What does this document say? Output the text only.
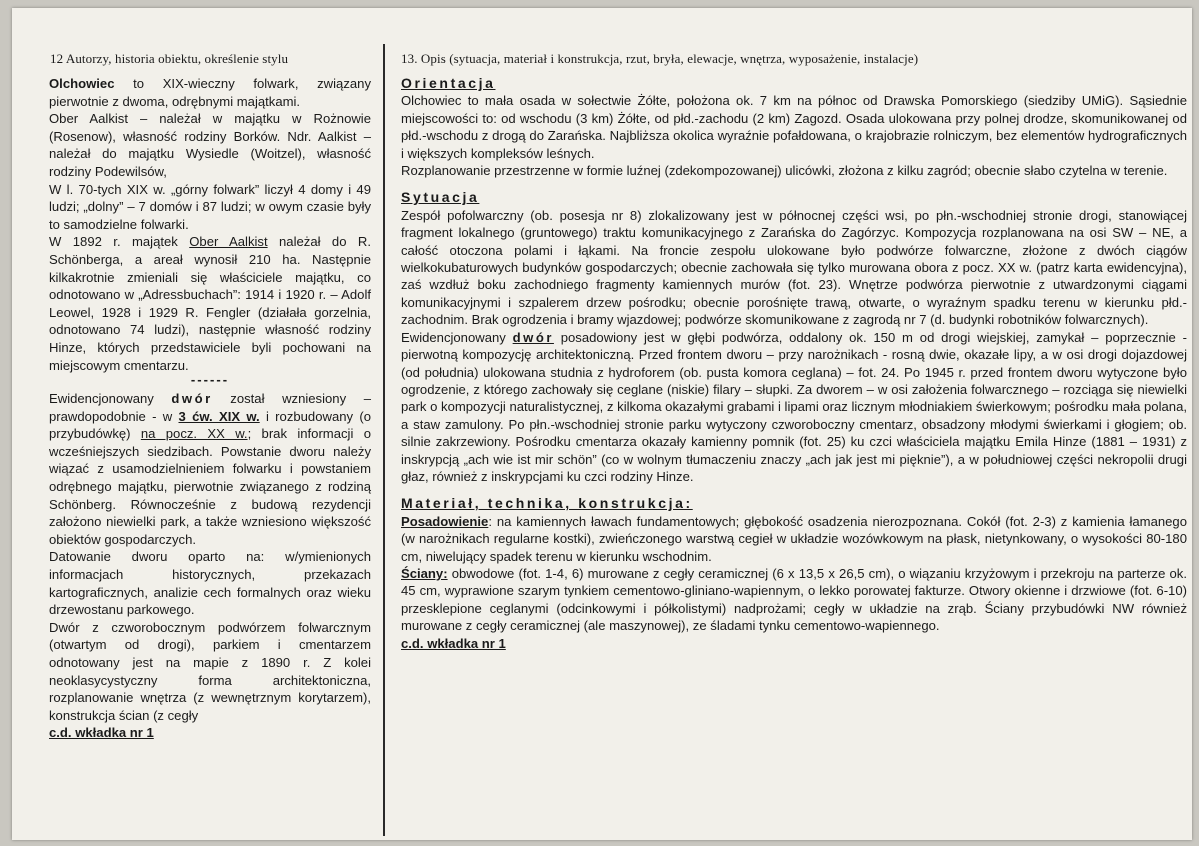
12 Autorzy, historia obiektu, określenie stylu	13. Opis (sytuacja, materiał i konstrukcja, rzut, bryła, elewacje, wnętrza, wyposażenie, instalacje)

Olchowiec to XIX-wieczny folwark, związany pierwotnie z dwoma, odrębnymi majątkami.

Ober Aalkist – należał w majątku w Rożnowie (Rosenow), własność rodziny Borków. Ndr. Aalkist – należał do majątku Wysiedle (Woitzel), własność rodziny Podewilsów,

W l. 70-tych XIX w. „górny folwark” liczył 4 domy i 49 ludzi; „dolny” – 7 domów i 87 ludzi; w owym czasie były to samodzielne folwarki.

W 1892 r. majątek Ober Aalkist należał do R. Schönberga, a areał wynosił 210 ha. Następnie kilkakrotnie zmieniali się właściciele majątku, co odnotowano w „Adressbuchach”: 1914 i 1920 r. – Adolf Leowel, 1928 i 1929 R. Fengler (działała gorzelnia, odnotowano 74 ludzi), następnie własność rodziny Hinze, których przedstawiciele byli pochowani na miejscowym cmentarzu.

------

Ewidencjonowany dwór został wzniesiony – prawdopodobnie - w 3 ćw. XIX w. i rozbudowany (o przybudówkę) na pocz. XX w.; brak informacji o wcześniejszych siedzibach. Powstanie dworu należy wiązać z usamodzielnieniem folwarku i powstaniem odrębnego majątku, pierwotnie związanego z rodziną Schönberg. Równocześnie z budową rezydencji założono niewielki park, a także wzniesiono większość obiektów gospodarczych.

Datowanie dworu oparto na: w/ymienionych informacjach historycznych, przekazach kartograficznych, analizie cech formalnych oraz wieku drzewostanu parkowego.

Dwór z czworobocznym podwórzem folwarcznym (otwartym od drogi), parkiem i cmentarzem odnotowany jest na mapie z 1890 r. Z kolei neoklasycystyczny forma architektoniczna, rozplanowanie wnętrza (z wewnętrznym korytarzem), konstrukcja ścian (z cegły

c.d. wkładka nr 1

Orientacja

Olchowiec to mała osada w sołectwie Żółte, położona ok. 7 km na północ od Drawska Pomorskiego (siedziby UMiG). Sąsiednie miejscowości to: od wschodu (3 km) Żółte, od płd.-zachodu (2 km) Zagozd. Osada ulokowana przy polnej drodze, skomunikowanej od płd.-wschodu z drogą do Zarańska. Najbliższa okolica wyraźnie pofałdowana, o krajobrazie rolniczym, bez elementów hydrograficznych i większych kompleksów leśnych.

Rozplanowanie przestrzenne w formie luźnej (zdekompozowanej) ulicówki, złożona z kilku zagród; obecnie słabo czytelna w terenie.

Sytuacja

Zespół pofolwarczny (ob. posesja nr 8) zlokalizowany jest w północnej części wsi, po płn.-wschodniej stronie drogi, stanowiącej fragment lokalnego (gruntowego) traktu komunikacyjnego z Zarańska do Zagórzyc. Kompozycja rozplanowana na osi SW – NE, a całość otoczona polami i łąkami. Na froncie zespołu ulokowane było podwórze folwarczne, złożone z dwóch ciągów wielkokubaturowych budynków gospodarczych; obecnie zachowała się tylko murowana obora z pocz. XX w. (patrz karta ewidencyjna), zaś wzdłuż boku zachodniego fragmenty kamiennych murów (fot. 23). Wnętrze podwórza pierwotnie z utwardzonymi ciągami komunikacyjnymi i szpalerem drzew pośrodku; obecnie porośnięte trawą, otwarte, o wyraźnym spadku terenu w kierunku płd.-zachodnim. Brak ogrodzenia i bramy wjazdowej; podwórze skomunikowane z zagrodą nr 7 (d. budynki robotników folwarcznych).

Ewidencjonowany dwór posadowiony jest w głębi podwórza, oddalony ok. 150 m od drogi wiejskiej, zamykał – poprzecznie - pierwotną kompozycję architektoniczną. Przed frontem dworu – przy narożnikach - rosną dwie, okazałe lipy, a w osi drogi dojazdowej (od południa) ulokowana studnia z hydroforem (ob. pusta komora ceglana) – fot. 24. Po 1945 r. przed frontem dworu wytyczone było ogrodzenie, z którego zachowały się ceglane (niskie) filary – słupki. Za dworem – w osi założenia folwarcznego – rozciąga się niewielki park o kompozycji naturalistycznej, z kilkoma okazałymi grabami i lipami oraz licznym młodniakiem świerkowym; pośrodku mała polana, a staw zamulony. Po płn.-wschodniej stronie parku wytyczony czworoboczny cmentarz, obsadzony młodymi świerkami i głogiem; ob. silnie zakrzewiony. Pośrodku cmentarza okazały kamienny pomnik (fot. 25) ku czci właściciela majątku Emila Hinze (1881 – 1931) z inskrypcją „ach wie ist mir schön” (co w wolnym tłumaczeniu znaczy „ach jak jest mi pięknie”), a w południowej części nekropolii drugi głaz, również z inskrypcjami ku czci rodziny Hinze.

Materiał, technika, konstrukcja:

Posadowienie: na kamiennych ławach fundamentowych; głębokość osadzenia nierozpoznana. Cokół (fot. 2-3) z kamienia łamanego (w narożnikach regularne kostki), zwieńczonego warstwą cegieł w układzie wozówkowym na płask, nietynkowany, o wysokości 80-180 cm, niwelujący spadek terenu w kierunku wschodnim.

Ściany: obwodowe (fot. 1-4, 6) murowane z cegły ceramicznej (6 x 13,5 x 26,5 cm), o wiązaniu krzyżowym i przekroju na parterze ok. 45 cm, wyprawione szarym tynkiem cementowo-gliniano-wapiennym, o lekko porowatej fakturze. Otwory okienne i drzwiowe (fot. 6-10) przesklepione ceglanymi (odcinkowymi i półkolistymi) nadprożami; cegły w układzie na zrąb. Ściany przybudówki NW również murowane z cegły ceramicznej (ale maszynowej), ze śladami tynku cementowo-wapiennego.

c.d. wkładka nr 1
